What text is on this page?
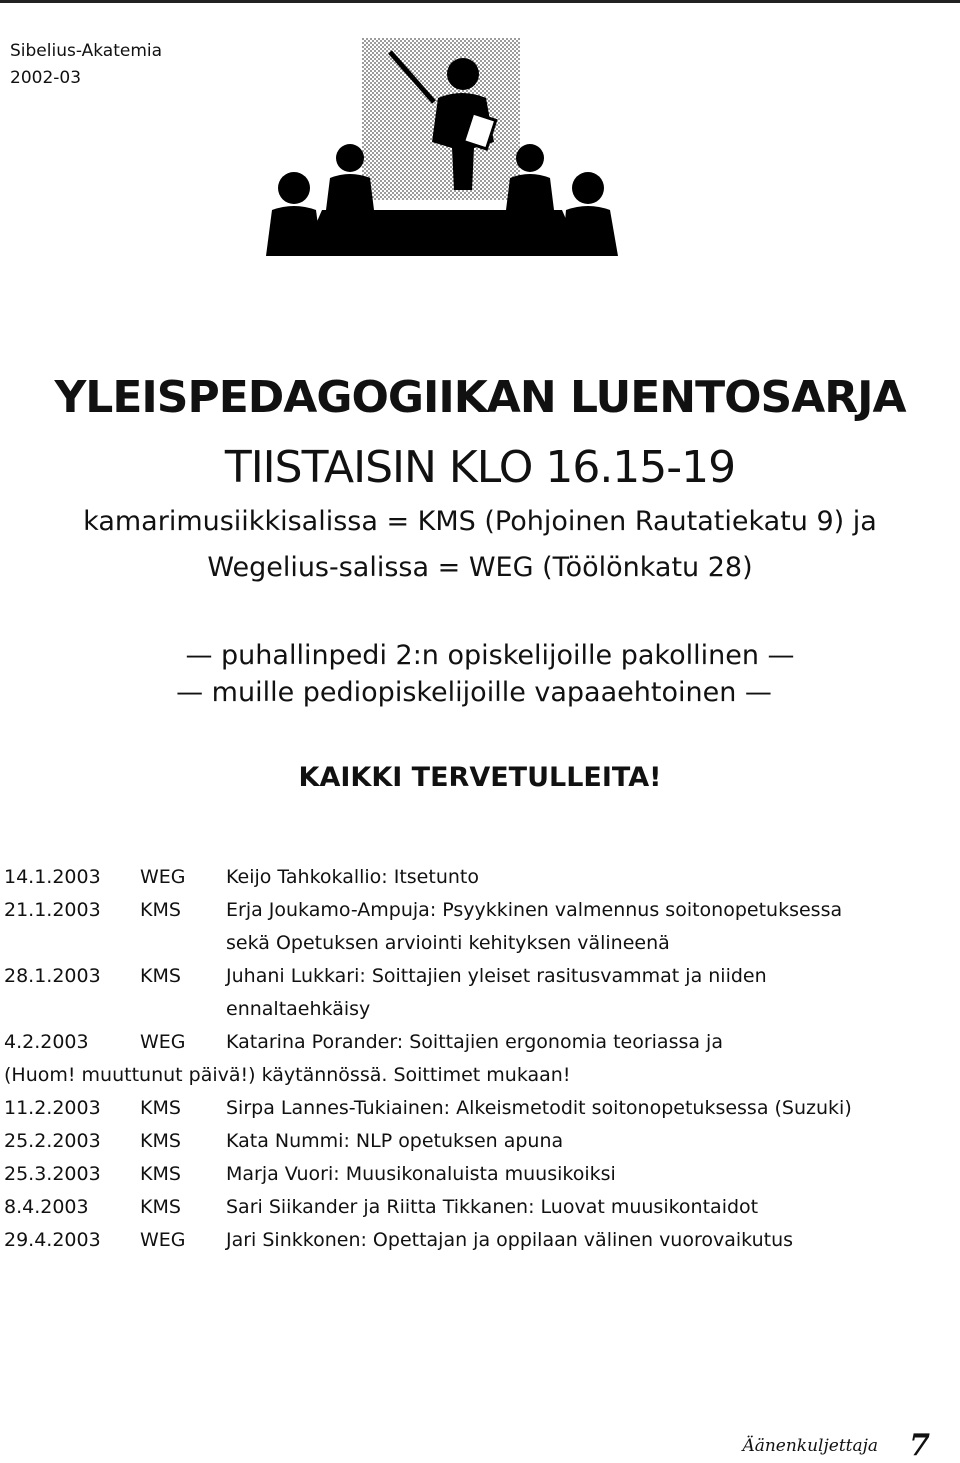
Sibelius-Akatemia
2002-03
YLEISPEDAGOGIIKAN LUENTOSARJA
TIISTAISIN KLO 16.15-19
kamarimusiikkisalissa = KMS (Pohjoinen Rautatiekatu 9) ja
Wegelius-salissa = WEG (Töölönkatu 28)
— puhallinpedi 2:n opiskelijoille pakollinen —
— muille pediopiskelijoille vapaaehtoinen —
KAIKKI TERVETULLEITA!
14.1.2003 WEG Keijo Tahkokallio: Itsetunto
21.1.2003 KMS Erja Joukamo-Ampuja: Psyykkinen valmennus soitonopetuksessa
sekä Opetuksen arviointi kehityksen välineenä
28.1.2003 KMS Juhani Lukkari: Soittajien yleiset rasitusvammat ja niiden
ennaltaehkäisy
4.2.2003	WEG Katarina Porander: Soittajien ergonomia teoriassa ja
(Huom! muuttunut päivä!) käytännössä. Soittimet mukaan!
11.2.2003 KMS Sirpa Lannes-Tukiainen: Alkeismetodit soitonopetuksessa (Suzuki)
25.2.2003 KMS Kata Nummi: NLP opetuksen apuna
25.3.2003 KMS Marja Vuori: Muusikonaluista muusikoiksi
8.4.2003	KMS Sari Siikander ja Riitta Tikkanen: Luovat muusikontaidot
29.4.2003 WEG Jari Sinkkonen: Opettajan ja oppilaan välinen vuorovaikutus
Äänenkuljettaja 7
